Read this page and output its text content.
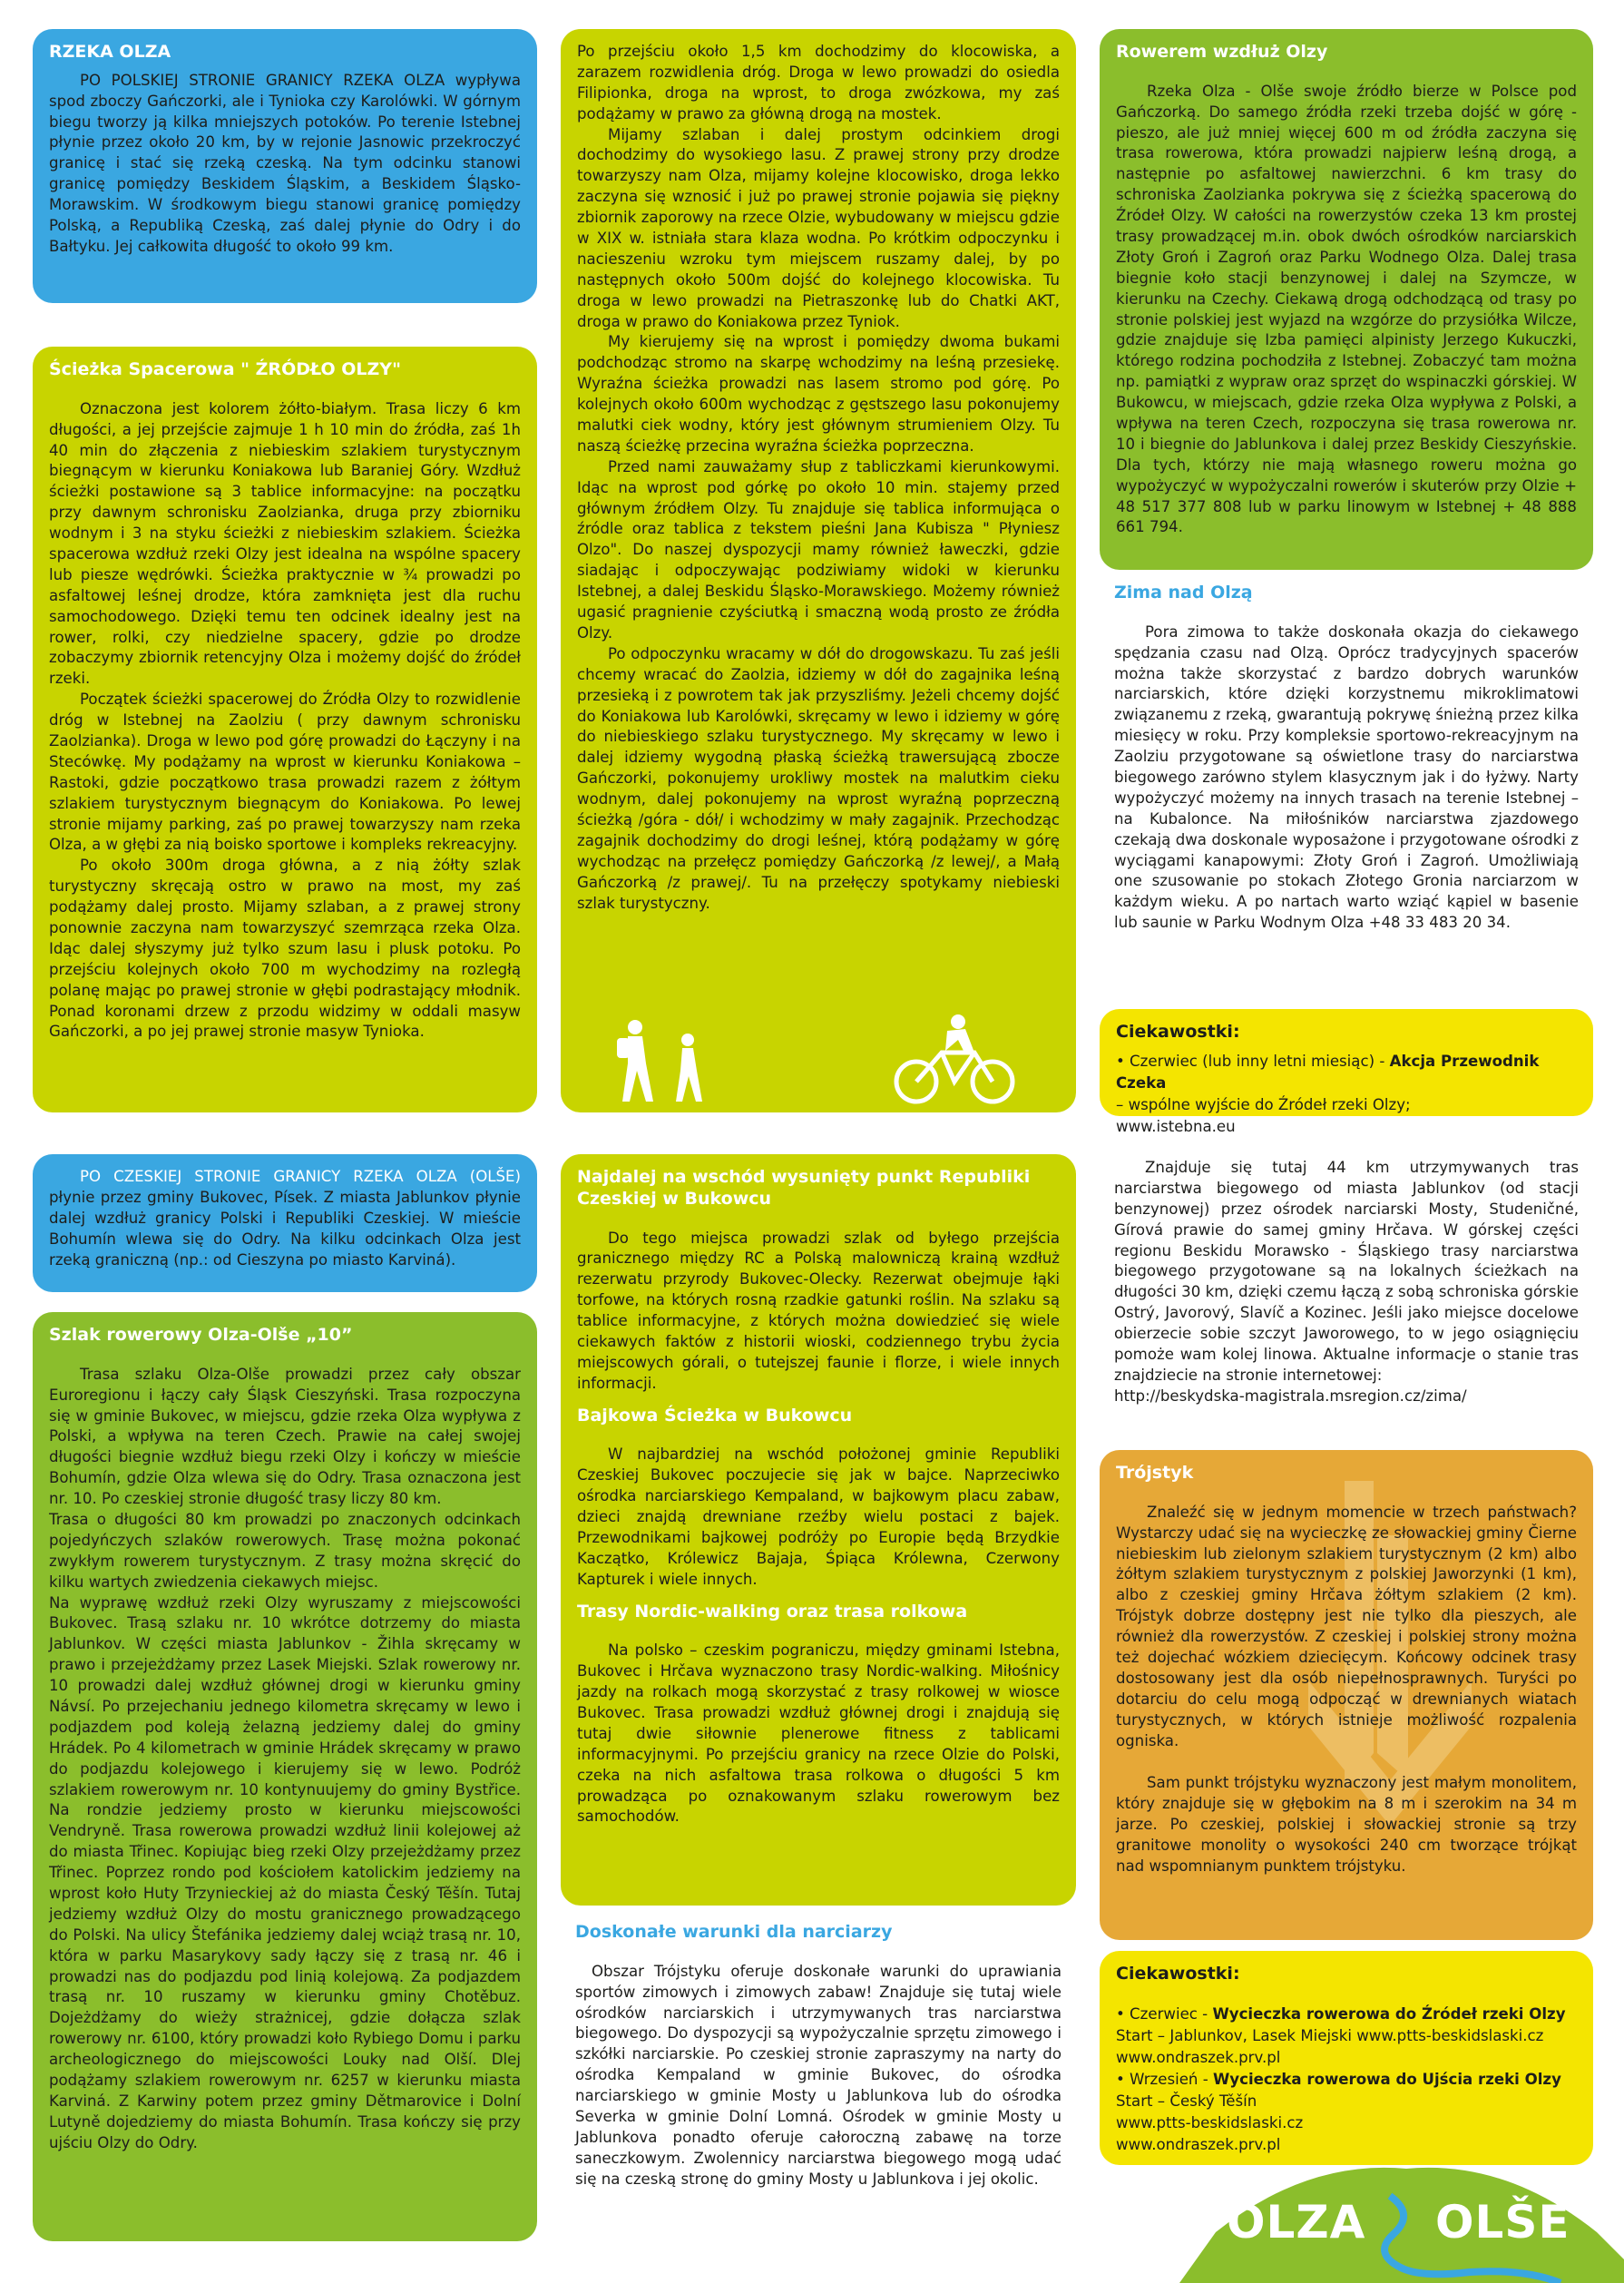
RZEKA OLZA

PO POLSKIEJ STRONIE GRANICY RZEKA OLZA wypływa spod zboczy Gańczorki, ale i Tynioka czy Karolówki. W górnym biegu tworzy ją kilka mniejszych potoków. Po terenie Istebnej płynie przez około 20 km, by w rejonie Jasnowic przekroczyć granicę i stać się rzeką czeską. Na tym odcinku stanowi granicę pomiędzy Beskidem Śląskim, a Beskidem Śląsko-Morawskim. W środkowym biegu stanowi granicę pomiędzy Polską, a Republiką Czeską, zaś dalej płynie do Odry i do Bałtyku. Jej całkowita długość to około 99 km.

Ścieżka Spacerowa " ŹRÓDŁO OLZY"

Oznaczona jest kolorem żółto-białym. Trasa liczy 6 km długości, a jej przejście zajmuje 1 h 10 min do źródła, zaś 1h 40 min do złączenia z niebieskim szlakiem turystycznym biegnącym w kierunku Koniakowa lub Baraniej Góry. Wzdłuż ścieżki postawione są 3 tablice informacyjne: na początku przy dawnym schronisku Zaolzianka, druga przy zbiorniku wodnym i 3 na styku ścieżki z niebieskim szlakiem. Ścieżka spacerowa wzdłuż rzeki Olzy jest idealna na wspólne spacery lub piesze wędrówki. Ścieżka praktycznie w ¾ prowadzi po asfaltowej leśnej drodze, która zamknięta jest dla ruchu samochodowego. Dzięki temu ten odcinek idealny jest na rower, rolki, czy niedzielne spacery, gdzie po drodze zobaczymy zbiornik retencyjny Olza i możemy dojść do źródeł rzeki.

Początek ścieżki spacerowej do Źródła Olzy to rozwidlenie dróg w Istebnej na Zaolziu ( przy dawnym schronisku Zaolzianka). Droga w lewo pod górę prowadzi do Łączyny i na Stecówkę. My podążamy na wprost w kierunku Koniakowa – Rastoki, gdzie początkowo trasa prowadzi razem z żółtym szlakiem turystycznym biegnącym do Koniakowa. Po lewej stronie mijamy parking, zaś po prawej towarzyszy nam rzeka Olza, a w głębi za nią boisko sportowe i kompleks rekreacyjny.

Po około 300m droga główna, a z nią żółty szlak turystyczny skręcają ostro w prawo na most, my zaś podążamy dalej prosto. Mijamy szlaban, a z prawej strony ponownie zaczyna nam towarzyszyć szemrząca rzeka Olza. Idąc dalej słyszymy już tylko szum lasu i plusk potoku. Po przejściu kolejnych około 700 m wychodzimy na rozległą polanę mając po prawej stronie w głębi podrastający młodnik. Ponad koronami drzew z przodu widzimy w oddali masyw Gańczorki, a po jej prawej stronie masyw Tynioka.

PO CZESKIEJ STRONIE GRANICY RZEKA OLZA (OLŠE) płynie przez gminy Bukovec, Písek. Z miasta Jablunkov płynie dalej wzdłuż granicy Polski i Republiki Czeskiej. W mieście Bohumín wlewa się do Odry. Na kilku odcinkach Olza jest rzeką graniczną (np.: od Cieszyna po miasto Karviná).

Szlak rowerowy Olza-Olše „10”

Trasa szlaku Olza-Olše prowadzi przez cały obszar Euroregionu i łączy cały Śląsk Cieszyński. Trasa rozpoczyna się w gminie Bukovec, w miejscu, gdzie rzeka Olza wypływa z Polski, a wpływa na teren Czech. Prawie na całej swojej długości biegnie wzdłuż biegu rzeki Olzy i kończy w mieście Bohumín, gdzie Olza wlewa się do Odry. Trasa oznaczona jest nr. 10. Po czeskiej stronie długość trasy liczy 80 km.

Trasa o długości 80 km prowadzi po znaczonych odcinkach pojedyńczych szlaków rowerowych. Trasę można pokonać zwykłym rowerem turystycznym. Z trasy można skręcić do kilku wartych zwiedzenia ciekawych miejsc.

Na wyprawę wzdłuż rzeki Olzy wyruszamy z miejscowości Bukovec. Trasą szlaku nr. 10 wkrótce dotrzemy do miasta Jablunkov. W części miasta Jablunkov - Žihla skręcamy w prawo i przejeżdżamy przez Lasek Miejski. Szlak rowerowy nr. 10 prowadzi dalej wzdłuż głównej drogi w kierunku gminy Návsí. Po przejechaniu jednego kilometra skręcamy w lewo i podjazdem pod koleją żelazną jedziemy dalej do gminy Hrádek. Po 4 kilometrach w gminie Hrádek skręcamy w prawo do podjazdu kolejowego i kierujemy się w lewo. Podróż szlakiem rowerowym nr. 10 kontynuujemy do gminy Bystřice. Na rondzie jedziemy prosto w kierunku miejscowości Vendryně. Trasa rowerowa prowadzi wzdłuż linii kolejowej aż do miasta Třinec. Kopiując bieg rzeki Olzy przejeżdżamy przez Třinec. Poprzez rondo pod kościołem katolickim jedziemy na wprost koło Huty Trzynieckiej aż do miasta Český Těšín. Tutaj jedziemy wzdłuż Olzy do mostu granicznego prowadzącego do Polski. Na ulicy Štefánika jedziemy dalej wciąż trasą nr. 10, która w parku Masarykovy sady łączy się z trasą nr. 46 i prowadzi nas do podjazdu pod linią kolejową. Za podjazdem trasą nr. 10 ruszamy w kierunku gminy Chotěbuz. Dojeżdżamy do wieży strażnicej, gdzie dołącza szlak rowerowy nr. 6100, który prowadzi koło Rybiego Domu i parku archeologicznego do miejscowości Louky nad Olší. Dlej podążamy szlakiem rowerowym nr. 6257 w kierunku miasta Karviná. Z Karwiny potem przez gminy Dětmarovice i Dolní Lutyně dojedziemy do miasta Bohumín. Trasa kończy się przy ujściu Olzy do Odry.

Po przejściu około 1,5 km dochodzimy do klocowiska, a zarazem rozwidlenia dróg. Droga w lewo prowadzi do osiedla Filipionka, droga na wprost, to droga zwózkowa, my zaś podążamy w prawo za główną drogą na mostek.

Mijamy szlaban i dalej prostym odcinkiem drogi dochodzimy do wysokiego lasu. Z prawej strony przy drodze towarzyszy nam Olza, mijamy kolejne klocowisko, droga lekko zaczyna się wznosić i już po prawej stronie pojawia się piękny zbiornik zaporowy na rzece Olzie, wybudowany w miejscu gdzie w XIX w. istniała stara klaza wodna. Po krótkim odpoczynku i nacieszeniu wzroku tym miejscem ruszamy dalej, by po następnych około 500m dojść do kolejnego klocowiska. Tu droga w lewo prowadzi na Pietraszonkę lub do Chatki AKT, droga w prawo do Koniakowa przez Tyniok.

My kierujemy się na wprost i pomiędzy dwoma bukami podchodząc stromo na skarpę wchodzimy na leśną przesiekę. Wyraźna ścieżka prowadzi nas lasem stromo pod górę. Po kolejnych około 600m wychodząc z gęstszego lasu pokonujemy malutki ciek wodny, który jest głównym strumieniem Olzy. Tu naszą ścieżkę przecina wyraźna ścieżka poprzeczna.

Przed nami zauważamy słup z tabliczkami kierunkowymi. Idąc na wprost pod górkę po około 10 min. stajemy przed głównym źródłem Olzy. Tu znajduje się tablica informująca o źródle oraz tablica z tekstem pieśni Jana Kubisza " Płyniesz Olzo". Do naszej dyspozycji mamy również ławeczki, gdzie siadając i odpoczywając podziwiamy widoki w kierunku Istebnej, a dalej Beskidu Śląsko-Morawskiego. Możemy również ugasić pragnienie czyściutką i smaczną wodą prosto ze źródła Olzy.

Po odpoczynku wracamy w dół do drogowskazu. Tu zaś jeśli chcemy wracać do Zaolzia, idziemy w dół do zagajnika leśną przesieką i z powrotem tak jak przyszliśmy. Jeżeli chcemy dojść do Koniakowa lub Karolówki, skręcamy w lewo i idziemy w górę do niebieskiego szlaku turystycznego. My skręcamy w lewo i dalej idziemy wygodną płaską ścieżką trawersującą zbocze Gańczorki, pokonujemy urokliwy mostek na malutkim cieku wodnym, dalej pokonujemy na wprost wyraźną poprzeczną ścieżką /góra - dół/ i wchodzimy w mały zagajnik. Przechodząc zagajnik dochodzimy do drogi leśnej, którą podążamy w górę wychodząc na przełęcz pomiędzy Gańczorką /z lewej/, a Małą Gańczorką /z prawej/. Tu na przełęczy spotykamy niebieski szlak turystyczny.

Najdalej na wschód wysunięty punkt Republiki Czeskiej w Bukowcu

Do tego miejsca prowadzi szlak od byłego przejścia granicznego między RC a Polską malowniczą krainą wzdłuż rezerwatu przyrody Bukovec-Olecky. Rezerwat obejmuje łąki torfowe, na których rosną rzadkie gatunki roślin. Na szlaku są tablice informacyjne, z których można dowiedzieć się wiele ciekawych faktów z historii wioski, codziennego trybu życia miejscowych górali, o tutejszej faunie i florze, i wiele innych informacji.

Bajkowa Ścieżka w Bukowcu

W najbardziej na wschód położonej gminie Republiki Czeskiej Bukovec poczujecie się jak w bajce. Naprzeciwko ośrodka narciarskiego Kempaland, w bajkowym placu zabaw, dzieci znajdą drewniane rzeźby wielu postaci z bajek. Przewodnikami bajkowej podróży po Europie będą Brzydkie Kaczątko, Królewicz Bajaja, Śpiąca Królewna, Czerwony Kapturek i wiele innych.

Trasy Nordic-walking oraz trasa rolkowa

Na polsko – czeskim pograniczu, między gminami Istebna, Bukovec i Hrčava wyznaczono trasy Nordic-walking. Miłośnicy jazdy na rolkach mogą skorzystać z trasy rolkowej w wiosce Bukovec. Trasa prowadzi wzdłuż głównej drogi i znajdują się tutaj dwie siłownie plenerowe fitness z tablicami informacyjnymi. Po przejściu granicy na rzece Olzie do Polski, czeka na nich asfaltowa trasa rolkowa o długości 5 km prowadząca po oznakowanym szlaku rowerowym bez samochodów.

Doskonałe warunki dla narciarzy

Obszar Trójstyku oferuje doskonałe warunki do uprawiania sportów zimowych i zimowych zabaw! Znajduje się tutaj wiele ośrodków narciarskich i utrzymywanych tras narciarstwa biegowego. Do dyspozycji są wypożyczalnie sprzętu zimowego i szkółki narciarskie. Po czeskiej stronie zapraszymy na narty do ośrodka Kempaland w gminie Bukovec, do ośrodka narciarskiego w gminie Mosty u Jablunkova lub do ośrodka Severka w gminie Dolní Lomná. Ośrodek w gminie Mosty u Jablunkova ponadto oferuje całoroczną zabawę na torze saneczkowym. Zwolennicy narciarstwa biegowego mogą udać się na czeską stronę do gminy Mosty u Jablunkova i jej okolic.

Rowerem wzdłuż Olzy

Rzeka Olza - Olše swoje źródło bierze w Polsce pod Gańczorką. Do samego źródła rzeki trzeba dojść w górę - pieszo, ale już mniej więcej 600 m od źródła zaczyna się trasa rowerowa, która prowadzi najpierw leśną drogą, a następnie po asfaltowej nawierzchni. 6 km trasy do schroniska Zaolzianka pokrywa się z ścieżką spacerową do Źródeł Olzy. W całości na rowerzystów czeka 13 km prostej trasy prowadzącej m.in. obok dwóch ośrodków narciarskich Złoty Groń i Zagroń oraz Parku Wodnego Olza. Dalej trasa biegnie koło stacji benzynowej i dalej na Szymcze, w kierunku na Czechy. Ciekawą drogą odchodzącą od trasy po stronie polskiej jest wyjazd na wzgórze do przysiółka Wilcze, gdzie znajduje się Izba pamięci alpinisty Jerzego Kukuczki, którego rodzina pochodziła z Istebnej. Zobaczyć tam można np. pamiątki z wypraw oraz sprzęt do wspinaczki górskiej. W Bukowcu, w miejscach, gdzie rzeka Olza wypływa z Polski, a wpływa na teren Czech, rozpoczyna się trasa rowerowa nr. 10 i biegnie do Jablunkova i dalej przez Beskidy Cieszyńskie. Dla tych, którzy nie mają własnego roweru można go wypożyczyć w wypożyczalni rowerów i skuterów przy Olzie + 48 517 377 808 lub w parku linowym w Istebnej + 48 888 661 794.

Zima nad Olzą

Pora zimowa to także doskonała okazja do ciekawego spędzania czasu nad Olzą. Oprócz tradycyjnych spacerów można także skorzystać z bardzo dobrych warunków narciarskich, które dzięki korzystnemu mikroklimatowi związanemu z rzeką, gwarantują pokrywę śnieżną przez kilka miesięcy w roku. Przy kompleksie sportowo-rekreacyjnym na Zaolziu przygotowane są oświetlone trasy do narciarstwa biegowego zarówno stylem klasycznym jak i do łyżwy. Narty wypożyczyć możemy na innych trasach na terenie Istebnej – na Kubalonce. Na miłośników narciarstwa zjazdowego czekają dwa doskonale wyposażone i przygotowane ośrodki z wyciągami kanapowymi: Złoty Groń i Zagroń. Umożliwiają one szusowanie po stokach Złotego Gronia narciarzom w każdym wieku. A po nartach warto wziąć kąpiel w basenie lub saunie w Parku Wodnym Olza +48 33 483 20 34.

Ciekawostki:

• Czerwiec (lub inny letni miesiąc) - Akcja Przewodnik Czeka

– wspólne wyjście do Źródeł rzeki Olzy;

www.istebna.eu

Znajduje się tutaj 44 km utrzymywanych tras narciarstwa biegowego od miasta Jablunkov (od stacji benzynowej) przez ośrodek narciarski Mosty, Studeničné, Gírová prawie do samej gminy Hrčava. W górskej części regionu Beskidu Morawsko - Śląskiego trasy narciarstwa biegowego przygotowane są na lokalnych ścieżkach na długości 30 km, dzięki czemu łączą z sobą schroniska górskie Ostrý, Javorový, Slavíč a Kozinec. Jeśli jako miejsce docelowe obierzecie sobie szczyt Jaworowego, to w jego osiągnięciu pomoże wam kolej linowa. Aktualne informacje o stanie tras znajdziecie na stronie internetowej:

http://beskydska-magistrala.msregion.cz/zima/

Trójstyk

Znaleźć się w jednym momencie w trzech państwach? Wystarczy udać się na wycieczkę ze słowackiej gminy Čierne niebieskim lub zielonym szlakiem turystycznym (2 km) albo żółtym szlakiem turystycznym z polskiej Jaworzynki (1 km), albo z czeskiej gminy Hrčava żółtym szlakiem (2 km). Trójstyk dobrze dostępny jest nie tylko dla pieszych, ale również dla rowerzystów. Z czeskiej i polskiej strony można też dojechać wózkiem dziecięcym. Końcowy odcinek trasy dostosowany jest dla osób niepełnosprawnych. Turyści po dotarciu do celu mogą odpocząć w drewnianych wiatach turystycznych, w których istnieje możliwość rozpalenia ogniska.

Sam punkt trójstyku wyznaczony jest małym monolitem, który znajduje się w głębokim na 8 m i szerokim na 34 m jarze. Po czeskiej, polskiej i słowackiej stronie są trzy granitowe monolity o wysokości 240 cm tworzące trójkąt nad wspomnianym punktem trójstyku.

Ciekawostki:

• Czerwiec - Wycieczka rowerowa do Źródeł rzeki Olzy

Start – Jablunkov, Lasek Miejski www.ptts-beskidslaski.cz

www.ondraszek.prv.pl

• Wrzesień - Wycieczka rowerowa do Ujścia rzeki Olzy

Start – Český Těšín

www.ptts-beskidslaski.cz

www.ondraszek.prv.pl

OLZA OLŠE
